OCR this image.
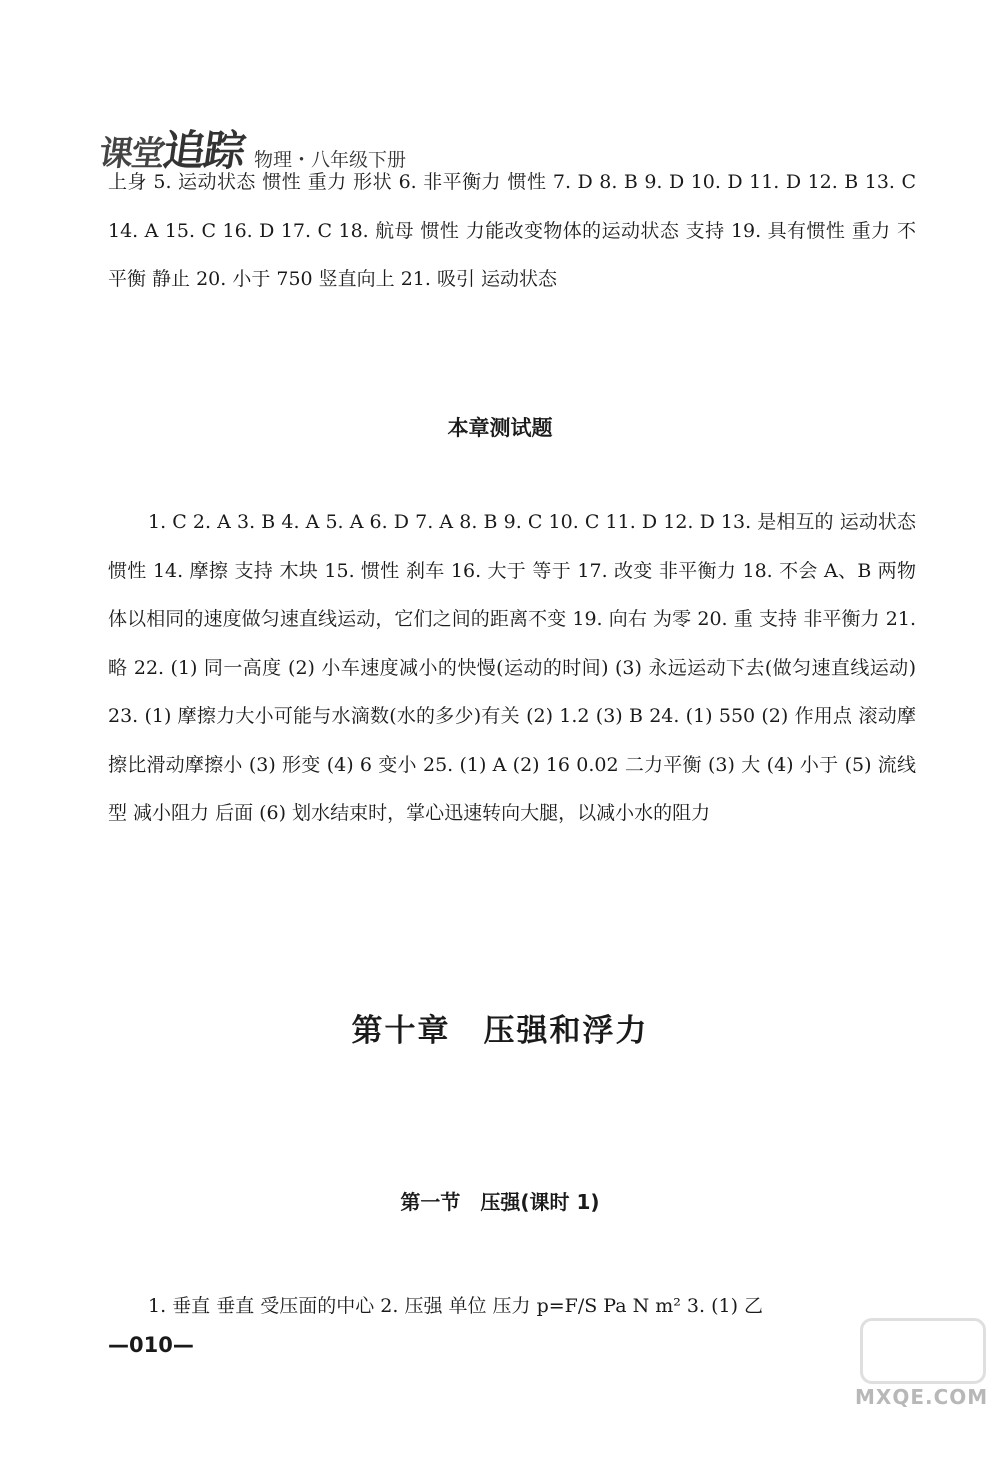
课堂追踪 物理・八年级下册

上身 5. 运动状态 惯性 重力 形状 6. 非平衡力 惯性 7. D 8. B 9. D 10. D 11. D 12. B 13. C 14. A 15. C 16. D 17. C 18. 航母 惯性 力能改变物体的运动状态 支持 19. 具有惯性 重力 不平衡 静止 20. 小于 750 竖直向上 21. 吸引 运动状态

本章测试题

1. C 2. A 3. B 4. A 5. A 6. D 7. A 8. B 9. C 10. C 11. D 12. D 13. 是相互的 运动状态 惯性 14. 摩擦 支持 木块 15. 惯性 刹车 16. 大于 等于 17. 改变 非平衡力 18. 不会 A、B 两物体以相同的速度做匀速直线运动，它们之间的距离不变 19. 向右 为零 20. 重 支持 非平衡力 21. 略 22. (1) 同一高度 (2) 小车速度减小的快慢(运动的时间) (3) 永远运动下去(做匀速直线运动) 23. (1) 摩擦力大小可能与水滴数(水的多少)有关 (2) 1.2 (3) B 24. (1) 550 (2) 作用点 滚动摩擦比滑动摩擦小 (3) 形变 (4) 6 变小 25. (1) A (2) 16 0.02 二力平衡 (3) 大 (4) 小于 (5) 流线型 减小阻力 后面 (6) 划水结束时，掌心迅速转向大腿，以减小水的阻力

第十章　压强和浮力
第一节　压强(课时 1)

1. 垂直 垂直 受压面的中心 2. 压强 单位 压力 p=F/S Pa N m² 3. (1) 乙

—010—
MXQE.COM
